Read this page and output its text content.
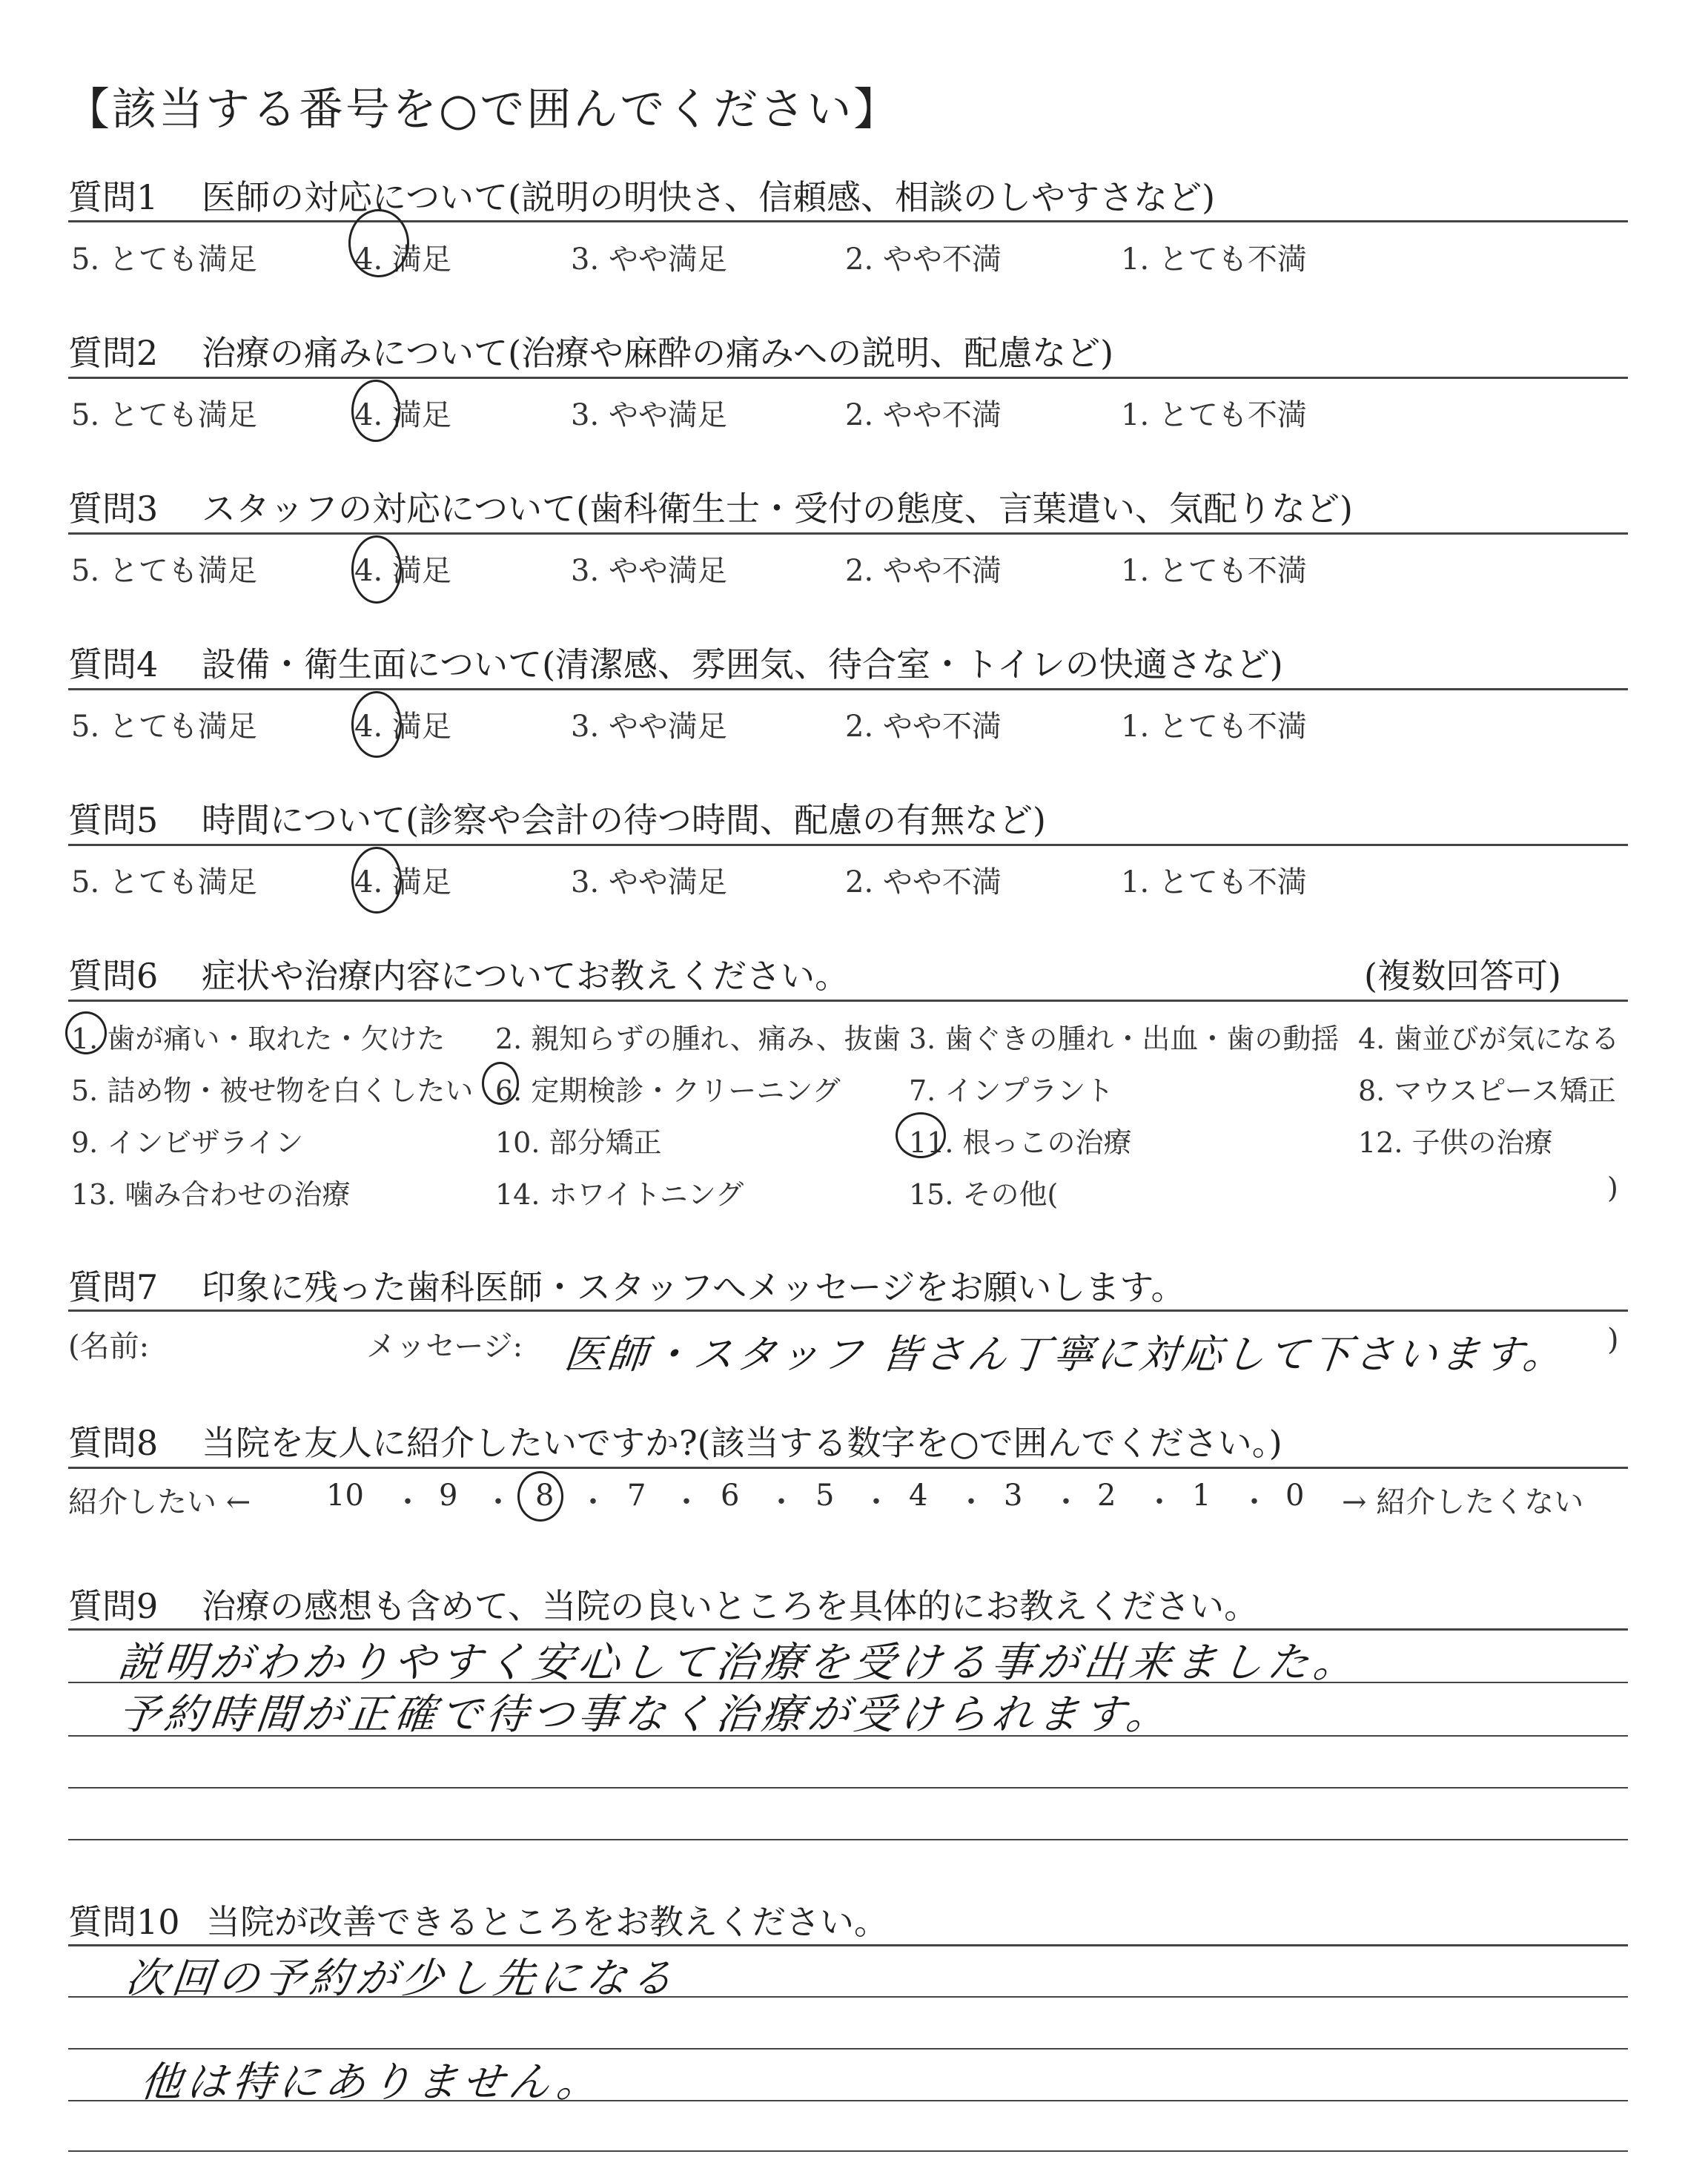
【該当する番号を○で囲んでください】
質問1 医師の対応について(説明の明快さ、信頼感、相談のしやすさなど)
5. とても満足	4. 満足	3. やや満足	2. やや不満	1. とても不満
質問2 治療の痛みについて(治療や麻酔の痛みへの説明、配慮など)
5. とても満足	4. 満足	3. やや満足	2. やや不満	1. とても不満
質問3 スタッフの対応について(歯科衛生士・受付の態度、言葉遣い、気配りなど)
5. とても満足	4. 満足	3. やや満足	2. やや不満	1. とても不満
質問4 設備・衛生面について(清潔感、雰囲気、待合室・トイレの快適さなど)
5. とても満足	4. 満足	3. やや満足	2. やや不満	1. とても不満
質問5 時間について(診察や会計の待つ時間、配慮の有無など)
5. とても満足	4. 満足	3. やや満足	2. やや不満	1. とても不満
質問6 症状や治療内容についてお教えください。	(複数回答可)
1. 歯が痛い・取れた・欠けた 2. 親知らずの腫れ、痛み、抜歯 3. 歯ぐきの腫れ・出血・歯の動揺 4. 歯並びが気になる
5. 詰め物・被せ物を白くしたい 6. 定期検診・クリーニング 7. インプラント	8. マウスピース矯正
9. インビザライン	10. 部分矯正	11. 根っこの治療	12. 子供の治療
13. 噛み合わせの治療	14. ホワイトニング	15. その他(	)
質問7 印象に残った歯科医師・スタッフへメッセージをお願いします。
(名前:	メッセージ: 医師・スタッフ 皆さん丁寧に対応して下さいます。 )
質問8 当院を友人に紹介したいですか?(該当する数字を○で囲んでください。)
紹介したい ←	→ 紹介したくない
10 ・ 9 ・ 8 ・ 7 ・ 6 ・ 5 ・ 4 ・ 3 ・ 2 ・ 1 ・ 0
質問9 治療の感想も含めて、当院の良いところを具体的にお教えください。
説明がわかりやすく安心して治療を受ける事が出来ました。
予約時間が正確で待つ事なく治療が受けられます。
質問10 当院が改善できるところをお教えください。
次回の予約が少し先になる
他は特にありません。
